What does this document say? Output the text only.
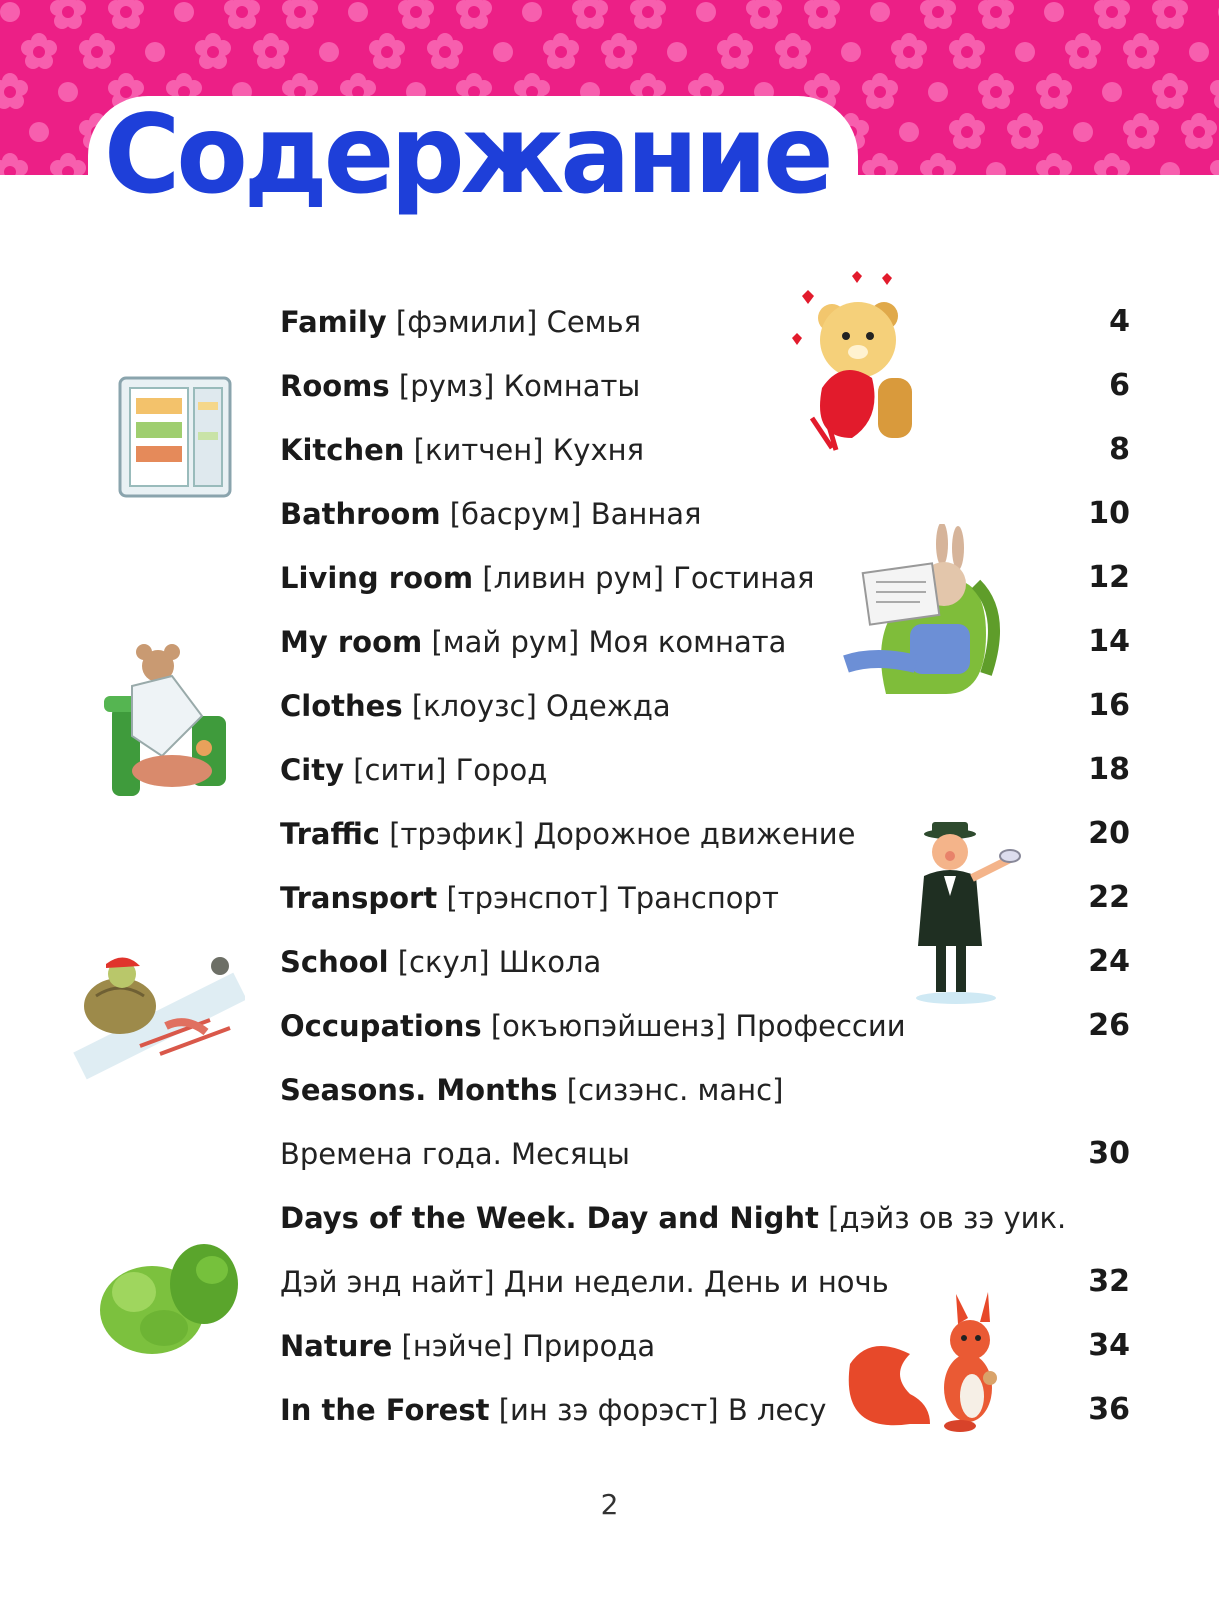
Содержание
Family [фэмили] Семья	4
Rooms [румз] Комнаты	6
Kitchen [китчен] Кухня	8
Bathroom [басрум] Ванная	10
Living room [ливин рум] Гостиная	12
My room [май рум] Моя комната	14
Clothes [клоузс] Одежда	16
City [сити] Город	18
Traffic [трэфик] Дорожное движение	20
Transport [трэнспот] Транспорт	22
School [скул] Школа	24
Occupations [окъюпэйшенз] Профессии	26
Seasons. Months [сизэнс. манс]
Времена года. Месяцы	30
Days of the Week. Day and Night [дэйз ов зэ уик.
Дэй энд найт] Дни недели. День и ночь	32
Nature [нэйче] Природа	34
In the Forest [ин зэ форэст] В лесу	36
2
